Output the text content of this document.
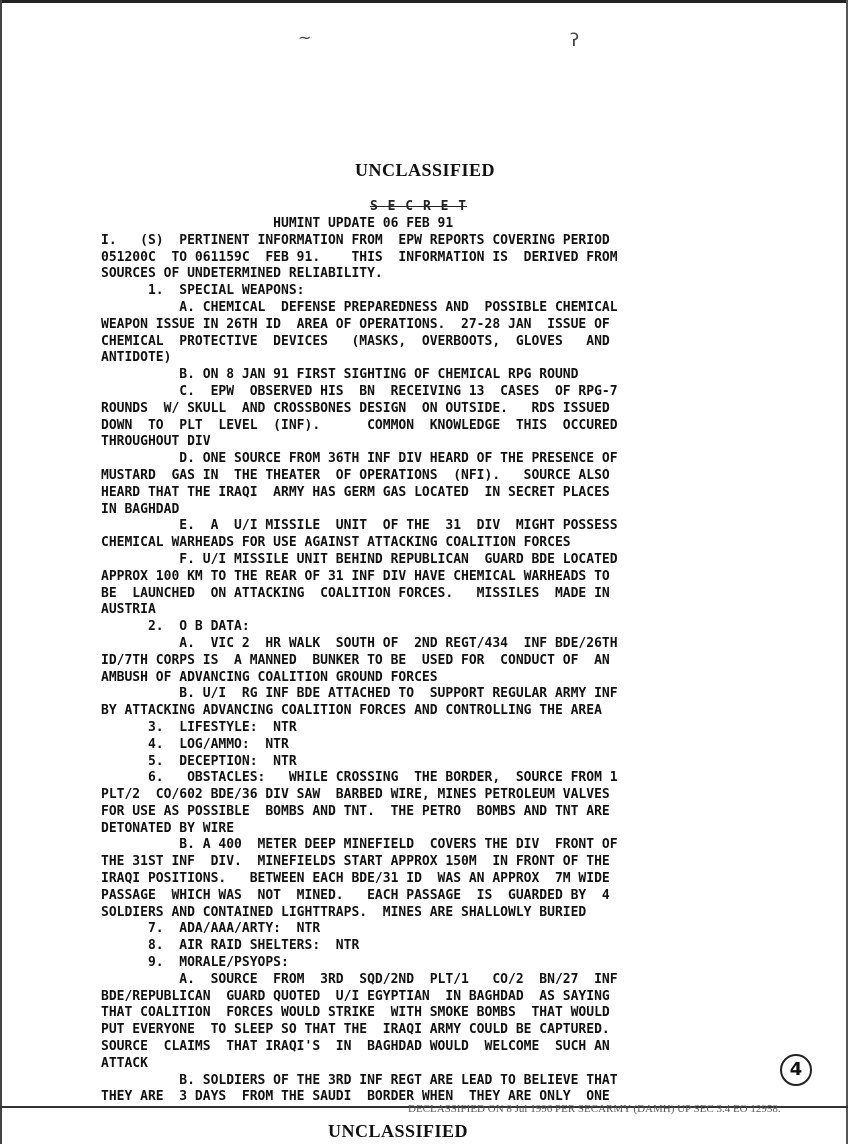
~	ʔ
UNCLASSIFIED
S E C R E T
HUMINT UPDATE 06 FEB 91
I.   (S)  PERTINENT INFORMATION FROM  EPW REPORTS COVERING PERIOD
051200C  TO 061159C  FEB 91.    THIS  INFORMATION IS  DERIVED FROM
SOURCES OF UNDETERMINED RELIABILITY.
1.  SPECIAL WEAPONS:
A. CHEMICAL  DEFENSE PREPAREDNESS AND  POSSIBLE CHEMICAL
WEAPON ISSUE IN 26TH ID  AREA OF OPERATIONS.  27-28 JAN  ISSUE OF
CHEMICAL  PROTECTIVE  DEVICES   (MASKS,  OVERBOOTS,  GLOVES   AND
ANTIDOTE)
B. ON 8 JAN 91 FIRST SIGHTING OF CHEMICAL RPG ROUND
C.  EPW  OBSERVED HIS  BN  RECEIVING 13  CASES  OF RPG-7
ROUNDS  W/ SKULL  AND CROSSBONES DESIGN  ON OUTSIDE.   RDS ISSUED
DOWN  TO  PLT  LEVEL  (INF).      COMMON  KNOWLEDGE  THIS  OCCURED
THROUGHOUT DIV
D. ONE SOURCE FROM 36TH INF DIV HEARD OF THE PRESENCE OF
MUSTARD  GAS IN  THE THEATER  OF OPERATIONS  (NFI).   SOURCE ALSO
HEARD THAT THE IRAQI  ARMY HAS GERM GAS LOCATED  IN SECRET PLACES
IN BAGHDAD
E.  A  U/I MISSILE  UNIT  OF THE  31  DIV  MIGHT POSSESS
CHEMICAL WARHEADS FOR USE AGAINST ATTACKING COALITION FORCES
F. U/I MISSILE UNIT BEHIND REPUBLICAN  GUARD BDE LOCATED
APPROX 100 KM TO THE REAR OF 31 INF DIV HAVE CHEMICAL WARHEADS TO
BE  LAUNCHED  ON ATTACKING  COALITION FORCES.   MISSILES  MADE IN
AUSTRIA
2.  O B DATA:
A.  VIC 2  HR WALK  SOUTH OF  2ND REGT/434  INF BDE/26TH
ID/7TH CORPS IS  A MANNED  BUNKER TO BE  USED FOR  CONDUCT OF  AN
AMBUSH OF ADVANCING COALITION GROUND FORCES
B. U/I  RG INF BDE ATTACHED TO  SUPPORT REGULAR ARMY INF
BY ATTACKING ADVANCING COALITION FORCES AND CONTROLLING THE AREA
3.  LIFESTYLE:  NTR
4.  LOG/AMMO:  NTR
5.  DECEPTION:  NTR
6.   OBSTACLES:   WHILE CROSSING  THE BORDER,  SOURCE FROM 1
PLT/2  CO/602 BDE/36 DIV SAW  BARBED WIRE, MINES PETROLEUM VALVES
FOR USE AS POSSIBLE  BOMBS AND TNT.  THE PETRO  BOMBS AND TNT ARE
DETONATED BY WIRE
B. A 400  METER DEEP MINEFIELD  COVERS THE DIV  FRONT OF
THE 31ST INF  DIV.  MINEFIELDS START APPROX 150M  IN FRONT OF THE
IRAQI POSITIONS.   BETWEEN EACH BDE/31 ID  WAS AN APPROX  7M WIDE
PASSAGE  WHICH WAS  NOT  MINED.   EACH PASSAGE  IS  GUARDED BY  4
SOLDIERS AND CONTAINED LIGHTTRAPS.  MINES ARE SHALLOWLY BURIED
7.  ADA/AAA/ARTY:  NTR
8.  AIR RAID SHELTERS:  NTR
9.  MORALE/PSYOPS:
A.  SOURCE  FROM  3RD  SQD/2ND  PLT/1   CO/2  BN/27  INF
BDE/REPUBLICAN  GUARD QUOTED  U/I EGYPTIAN  IN BAGHDAD  AS SAYING
THAT COALITION  FORCES WOULD STRIKE  WITH SMOKE BOMBS  THAT WOULD
PUT EVERYONE  TO SLEEP SO THAT THE  IRAQI ARMY COULD BE CAPTURED.
SOURCE  CLAIMS  THAT IRAQI'S  IN  BAGHDAD WOULD  WELCOME  SUCH AN
ATTACK
B. SOLDIERS OF THE 3RD INF REGT ARE LEAD TO BELIEVE THAT
THEY ARE  3 DAYS  FROM THE SAUDI  BORDER WHEN  THEY ARE ONLY  ONE
DECLASSIFIED ON 8 Jul 1996 PER SECARMY (DAMH) UP SEC 3.4 EO 12958.
4
UNCLASSIFIED
